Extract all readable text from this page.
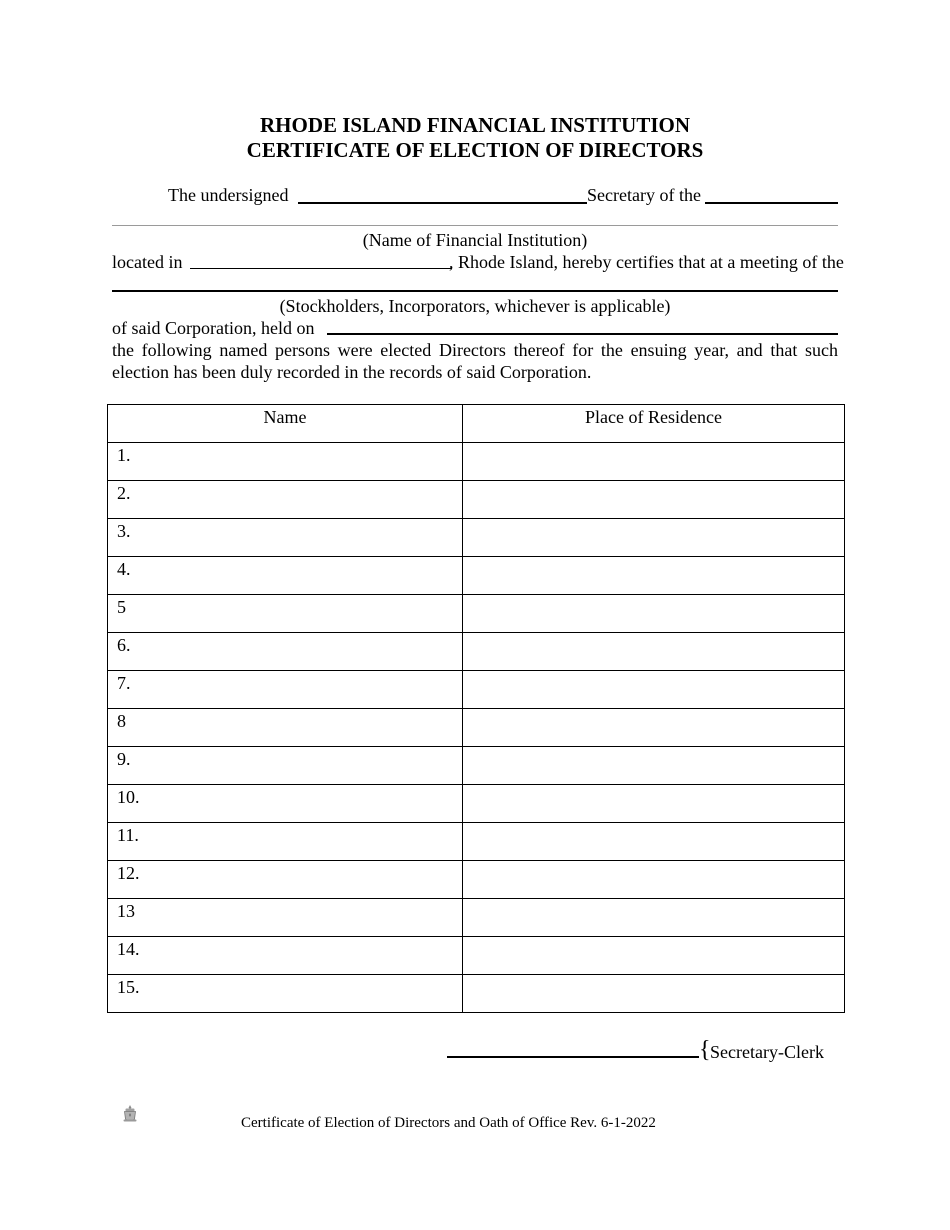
RHODE ISLAND FINANCIAL INSTITUTION
CERTIFICATE OF ELECTION OF DIRECTORS
The undersigned	Secretary of the
(Name of Financial Institution)
located in	, Rhode Island, hereby certifies that at a meeting of the
(Stockholders, Incorporators, whichever is applicable)
of said Corporation, held on
the following named persons were elected Directors thereof for the ensuing year, and that such election has been duly recorded in the records of said Corporation.
Name	Place of Residence
1.	
2.	
3.	
4.	
5	
6.	
7.	
8	
9.	
10.	
11.	
12.	
13	
14.	
15.	
{ Secretary-Clerk
Certificate of Election of Directors and Oath of Office Rev. 6-1-2022
